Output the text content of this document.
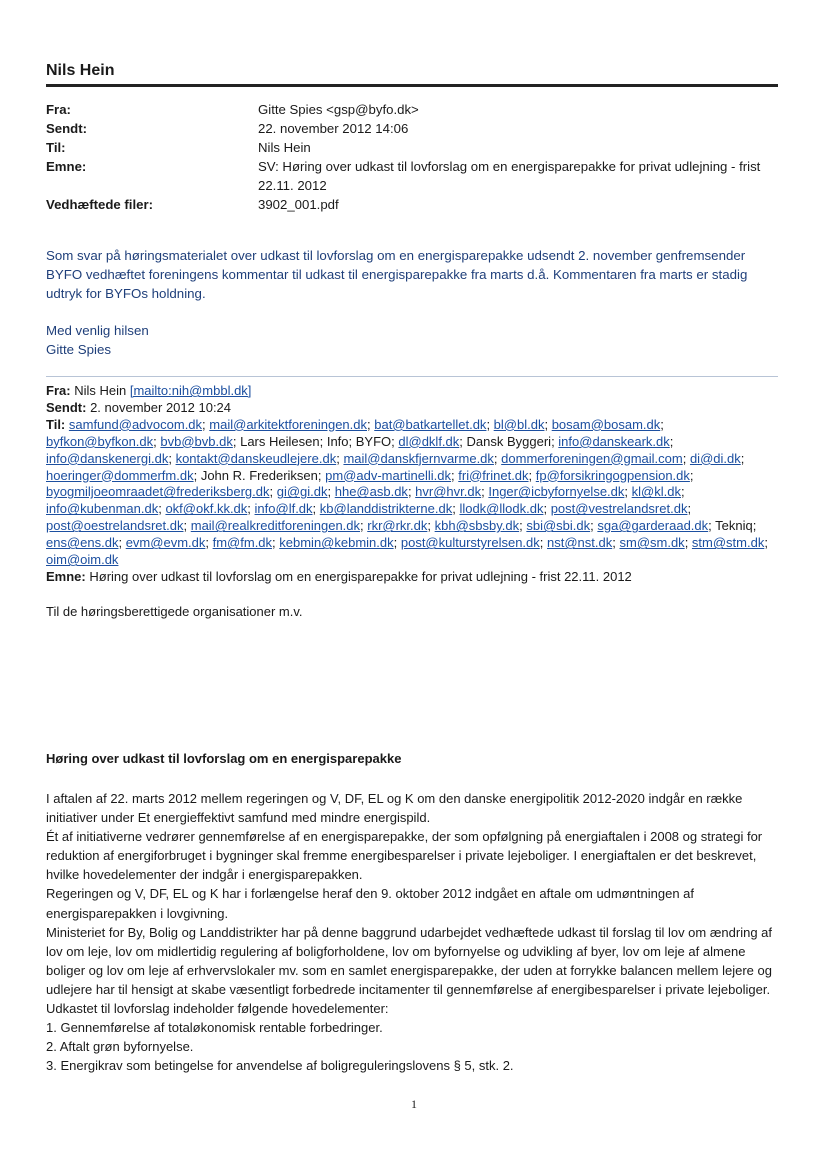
Nils Hein
Fra:	Gitte Spies <gsp@byfo.dk>
Sendt:	22. november 2012 14:06
Til:	Nils Hein
Emne:	SV: Høring over udkast til lovforslag om en energisparepakke for privat udlejning - frist 22.11. 2012
Vedhæftede filer:	3902_001.pdf
Som svar på høringsmaterialet over udkast til lovforslag om en energisparepakke udsendt 2. november genfremsender BYFO vedhæftet foreningens kommentar til udkast til energisparepakke fra marts d.å. Kommentaren fra marts er stadig udtryk for BYFOs holdning.
Med venlig hilsen
Gitte Spies
Fra: Nils Hein [mailto:nih@mbbl.dk]
Sendt: 2. november 2012 10:24
Til: samfund@advocom.dk; mail@arkitektforeningen.dk; bat@batkartellet.dk; bl@bl.dk; bosam@bosam.dk; byfkon@byfkon.dk; bvb@bvb.dk; Lars Heilesen; Info; BYFO; dl@dklf.dk; Dansk Byggeri; info@danskeark.dk; info@danskenergi.dk; kontakt@danskeudlejere.dk; mail@danskfjernvarme.dk; dommerforeningen@gmail.com; di@di.dk; hoeringer@dommerfm.dk; John R. Frederiksen; pm@adv-martinelli.dk; fri@frinet.dk; fp@forsikringogpension.dk; byogmiljoeomraadet@frederiksberg.dk; gi@gi.dk; hhe@asb.dk; hvr@hvr.dk; Inger@icbyfornyelse.dk; kl@kl.dk; info@kubenman.dk; okf@okf.kk.dk; info@lf.dk; kb@landdistrikterne.dk; llodk@llodk.dk; post@vestrelandsret.dk; post@oestrelandsret.dk; mail@realkreditforeningen.dk; rkr@rkr.dk; kbh@sbsby.dk; sbi@sbi.dk; sga@garderaad.dk; Tekniq; ens@ens.dk; evm@evm.dk; fm@fm.dk; kebmin@kebmin.dk; post@kulturstyrelsen.dk; nst@nst.dk; sm@sm.dk; stm@stm.dk; oim@oim.dk
Emne: Høring over udkast til lovforslag om en energisparepakke for privat udlejning - frist 22.11. 2012
Til de høringsberettigede organisationer m.v.
Høring over udkast til lovforslag om en energisparepakke

I aftalen af 22. marts 2012 mellem regeringen og V, DF, EL og K om den danske energipolitik 2012-2020 indgår en række initiativer under Et energieffektivt samfund med mindre energispild.

Ét af initiativerne vedrører gennemførelse af en energisparepakke, der som opfølgning på energiaftalen i 2008 og strategi for reduktion af energiforbruget i bygninger skal fremme energibesparelser i private lejeboliger. I energiaftalen er det beskrevet, hvilke hovedelementer der indgår i energisparepakken.

Regeringen og V, DF, EL og K har i forlængelse heraf den 9. oktober 2012 indgået en aftale om udmøntningen af energisparepakken i lovgivning.

Ministeriet for By, Bolig og Landdistrikter har på denne baggrund udarbejdet vedhæftede udkast til forslag til lov om ændring af lov om leje, lov om midlertidig regulering af boligforholdene, lov om byfornyelse og udvikling af byer, lov om leje af almene boliger og lov om leje af erhvervslokaler mv. som en samlet energisparepakke, der uden at forrykke balancen mellem lejere og udlejere har til hensigt at skabe væsentligt forbedrede incitamenter til gennemførelse af energibesparelser i private lejeboliger.

Udkastet til lovforslag indeholder følgende hovedelementer:

1. Gennemførelse af totaløkonomisk rentable forbedringer.

2. Aftalt grøn byfornyelse.

3. Energikrav som betingelse for anvendelse af boligreguleringslovens § 5, stk. 2.

1
